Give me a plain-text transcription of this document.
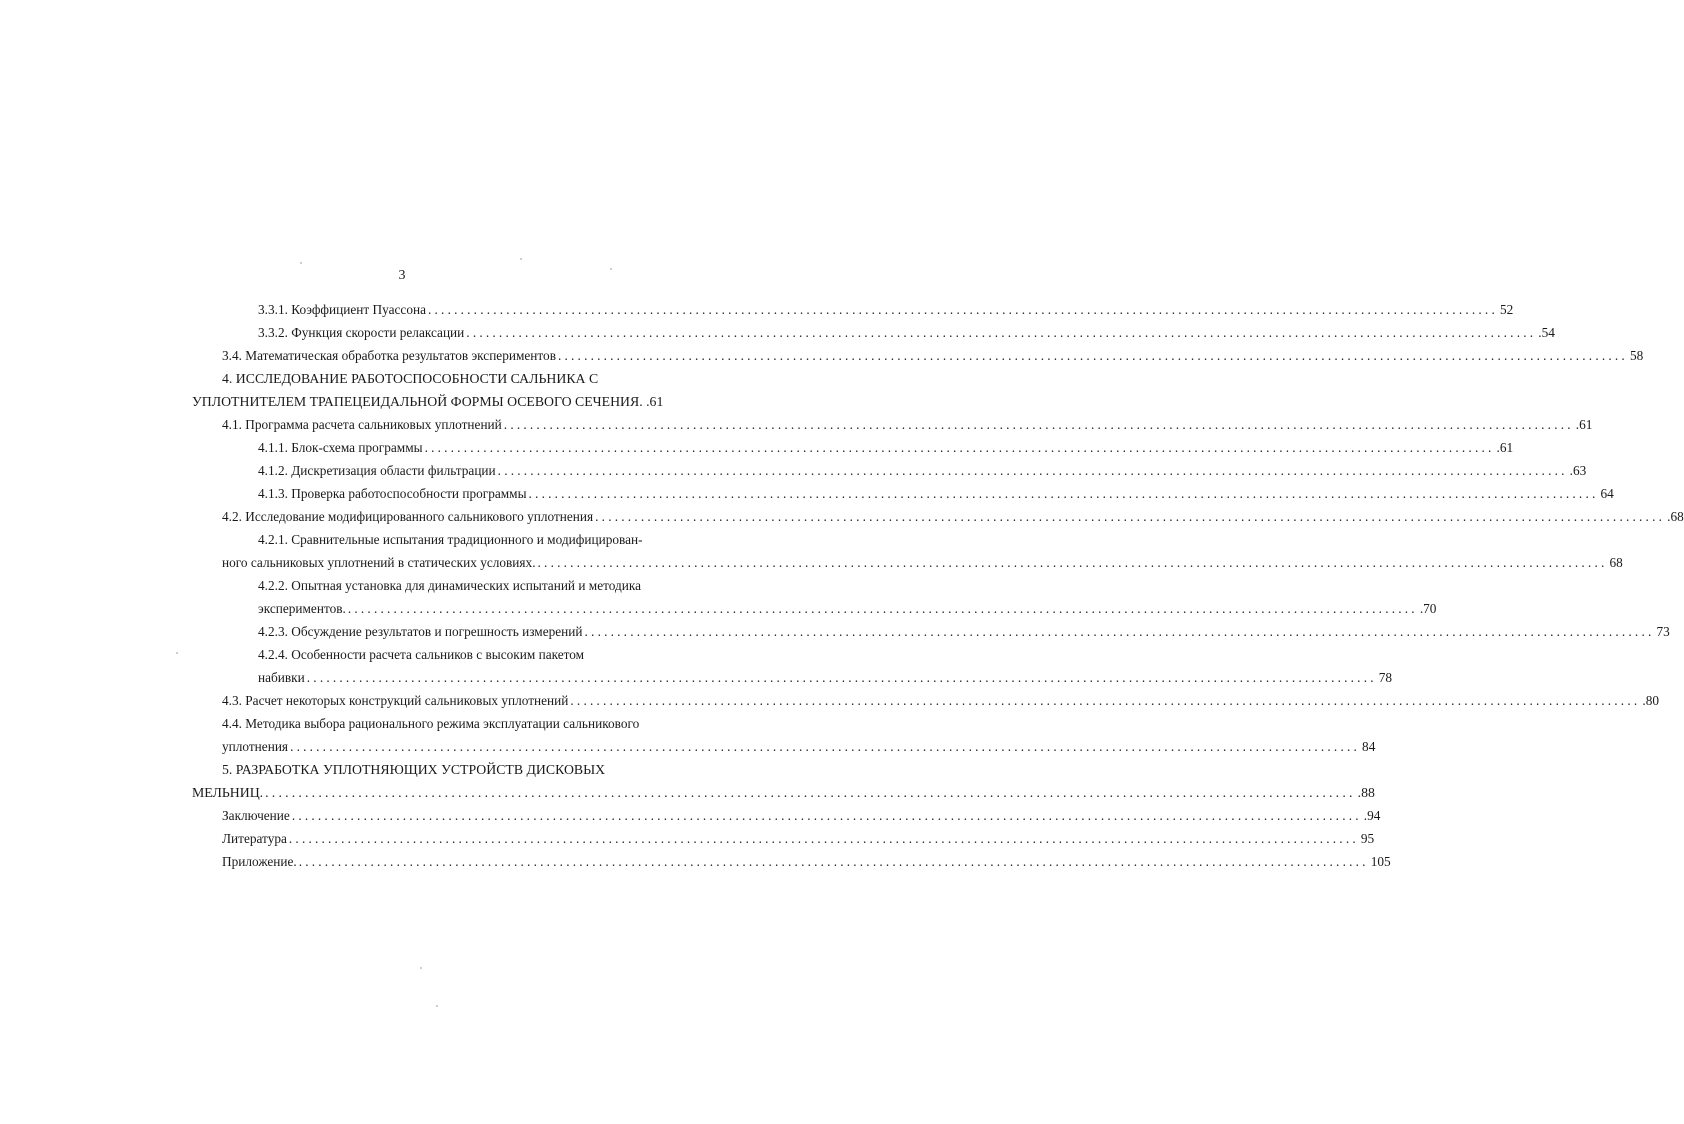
3
3.3.1. Коэффициент Пуассона .................................................................................................................................................................... 52
3.3.2. Функция скорости релаксации .................................................................................................................................................................... .54
3.4. Математическая обработка результатов экспериментов .................................................................................................................................................................... 58
4. ИССЛЕДОВАНИЕ РАБОТОСПОСОБНОСТИ САЛЬНИКА С
УПЛОТНИТЕЛЕМ ТРАПЕЦЕИДАЛЬНОЙ ФОРМЫ ОСЕВОГО СЕЧЕНИЯ. .61
4.1. Программа расчета сальниковых уплотнений .................................................................................................................................................................... .61
4.1.1. Блок-схема программы .................................................................................................................................................................... .61
4.1.2. Дискретизация области фильтрации .................................................................................................................................................................... .63
4.1.3. Проверка работоспособности программы .................................................................................................................................................................... 64
4.2. Исследование модифицированного сальникового уплотнения .................................................................................................................................................................... .68
4.2.1. Сравнительные испытания традиционного и модифицирован-
ного сальниковых уплотнений в статических условиях. .................................................................................................................................................................... 68
4.2.2. Опытная установка для динамических испытаний и методика
экспериментов. .................................................................................................................................................................... .70
4.2.3. Обсуждение результатов и погрешность измерений .................................................................................................................................................................... 73
4.2.4. Особенности расчета сальников с высоким пакетом
набивки .................................................................................................................................................................... 78
4.3. Расчет некоторых конструкций сальниковых уплотнений .................................................................................................................................................................... .80
4.4. Методика выбора рационального режима эксплуатации сальникового
уплотнения .................................................................................................................................................................... 84
5. РАЗРАБОТКА УПЛОТНЯЮЩИХ УСТРОЙСТВ ДИСКОВЫХ
МЕЛЬНИЦ. .................................................................................................................................................................... .88
Заключение .................................................................................................................................................................... .94
Литература .................................................................................................................................................................... 95
Приложение. .................................................................................................................................................................... 105
